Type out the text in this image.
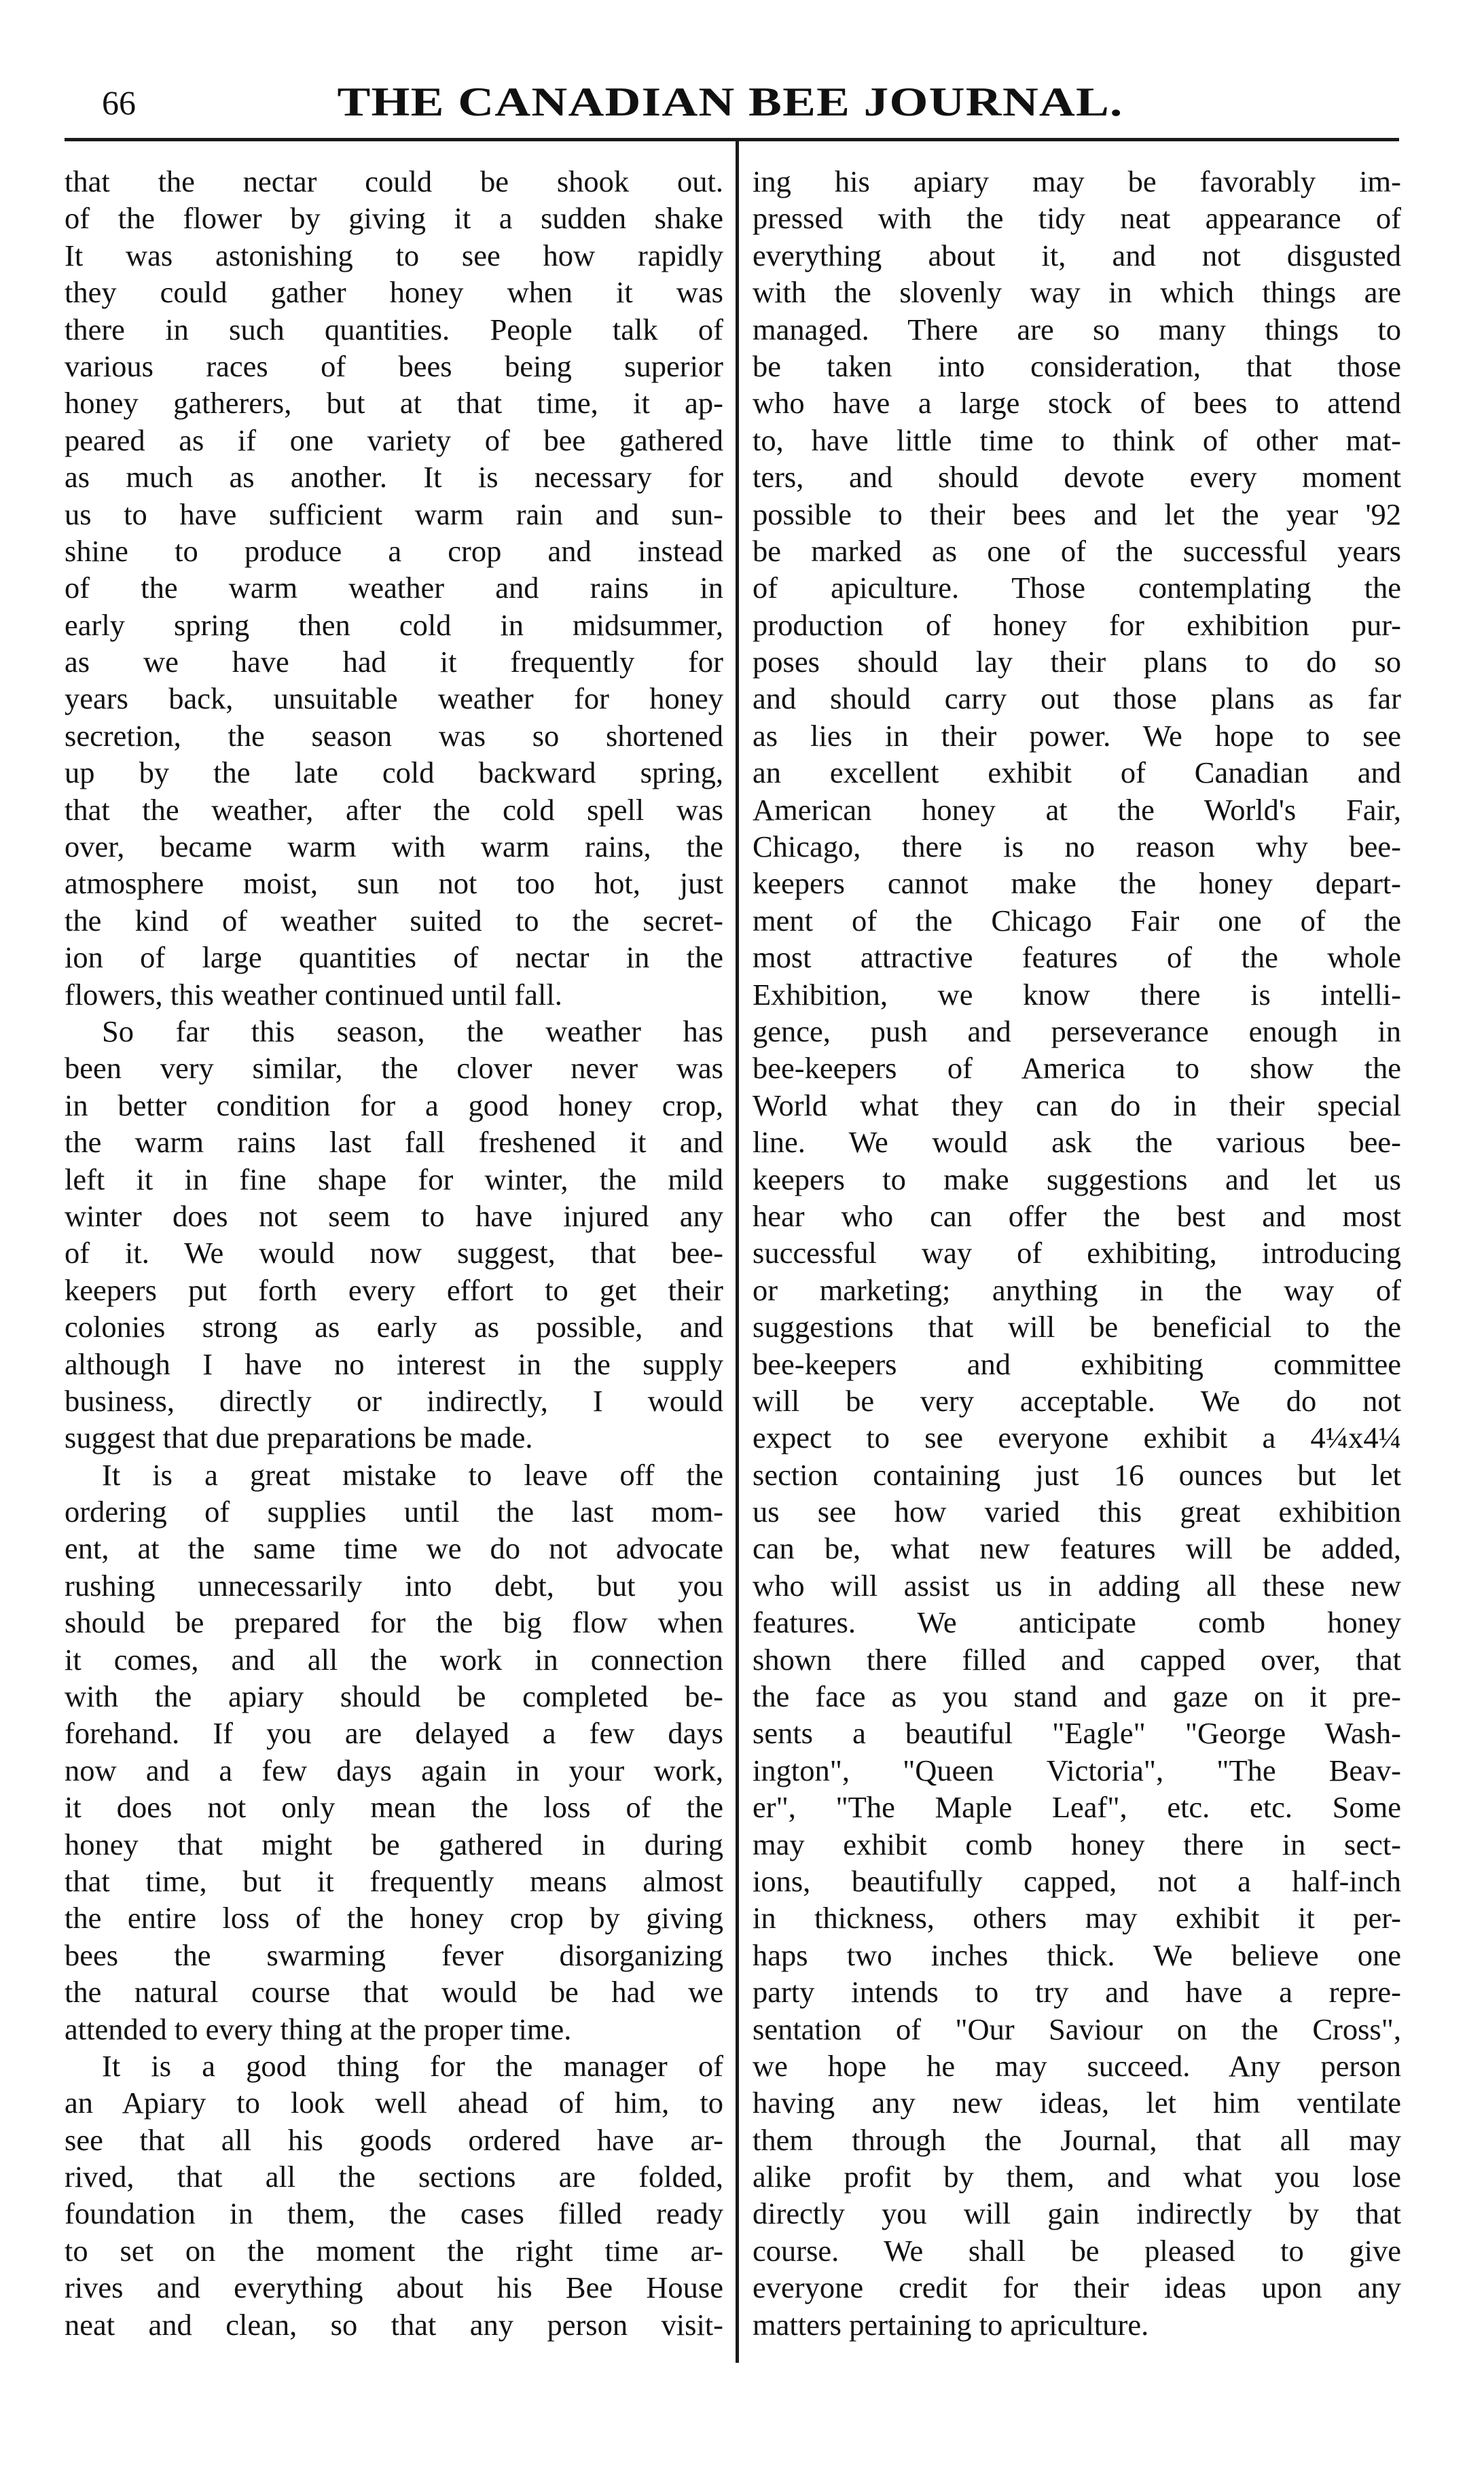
66	THE CANADIAN BEE JOURNAL.
that the nectar could be shook out.
of the flower by giving it a sudden shake
It was astonishing to see how rapidly
they could gather honey when it was
there in such quantities. People talk of
various races of bees being superior
honey gatherers, but at that time, it ap-
peared as if one variety of bee gathered
as much as another. It is necessary for
us to have sufficient warm rain and sun-
shine to produce a crop and instead
of the warm weather and rains in
early spring then cold in midsummer,
as we have had it frequently for
years back, unsuitable weather for honey
secretion, the season was so shortened
up by the late cold backward spring,
that the weather, after the cold spell was
over, became warm with warm rains, the
atmosphere moist, sun not too hot, just
the kind of weather suited to the secret-
ion of large quantities of nectar in the
flowers, this weather continued until fall.
So far this season, the weather has
been very similar, the clover never was
in better condition for a good honey crop,
the warm rains last fall freshened it and
left it in fine shape for winter, the mild
winter does not seem to have injured any
of it. We would now suggest, that bee-
keepers put forth every effort to get their
colonies strong as early as possible, and
although I have no interest in the supply
business, directly or indirectly, I would
suggest that due preparations be made.
It is a great mistake to leave off the
ordering of supplies until the last mom-
ent, at the same time we do not advocate
rushing unnecessarily into debt, but you
should be prepared for the big flow when
it comes, and all the work in connection
with the apiary should be completed be-
forehand. If you are delayed a few days
now and a few days again in your work,
it does not only mean the loss of the
honey that might be gathered in during
that time, but it frequently means almost
the entire loss of the honey crop by giving
bees the swarming fever disorganizing
the natural course that would be had we
attended to every thing at the proper time.
It is a good thing for the manager of
an Apiary to look well ahead of him, to
see that all his goods ordered have ar-
rived, that all the sections are folded,
foundation in them, the cases filled ready
to set on the moment the right time ar-
rives and everything about his Bee House
neat and clean, so that any person visit-
ing his apiary may be favorably im-
pressed with the tidy neat appearance of
everything about it, and not disgusted
with the slovenly way in which things are
managed. There are so many things to
be taken into consideration, that those
who have a large stock of bees to attend
to, have little time to think of other mat-
ters, and should devote every moment
possible to their bees and let the year '92
be marked as one of the successful years
of apiculture. Those contemplating the
production of honey for exhibition pur-
poses should lay their plans to do so
and should carry out those plans as far
as lies in their power. We hope to see
an excellent exhibit of Canadian and
American honey at the World's Fair,
Chicago, there is no reason why bee-
keepers cannot make the honey depart-
ment of the Chicago Fair one of the
most attractive features of the whole
Exhibition, we know there is intelli-
gence, push and perseverance enough in
bee-keepers of America to show the
World what they can do in their special
line. We would ask the various bee-
keepers to make suggestions and let us
hear who can offer the best and most
successful way of exhibiting, introducing
or marketing; anything in the way of
suggestions that will be beneficial to the
bee-keepers and exhibiting committee
will be very acceptable. We do not
expect to see everyone exhibit a 4¼x4¼
section containing just 16 ounces but let
us see how varied this great exhibition
can be, what new features will be added,
who will assist us in adding all these new
features. We anticipate comb honey
shown there filled and capped over, that
the face as you stand and gaze on it pre-
sents a beautiful "Eagle" "George Wash-
ington", "Queen Victoria", "The Beav-
er", "The Maple Leaf", etc. etc. Some
may exhibit comb honey there in sect-
ions, beautifully capped, not a half-inch
in thickness, others may exhibit it per-
haps two inches thick. We believe one
party intends to try and have a repre-
sentation of "Our Saviour on the Cross",
we hope he may succeed. Any person
having any new ideas, let him ventilate
them through the Journal, that all may
alike profit by them, and what you lose
directly you will gain indirectly by that
course. We shall be pleased to give
everyone credit for their ideas upon any
matters pertaining to apriculture.
